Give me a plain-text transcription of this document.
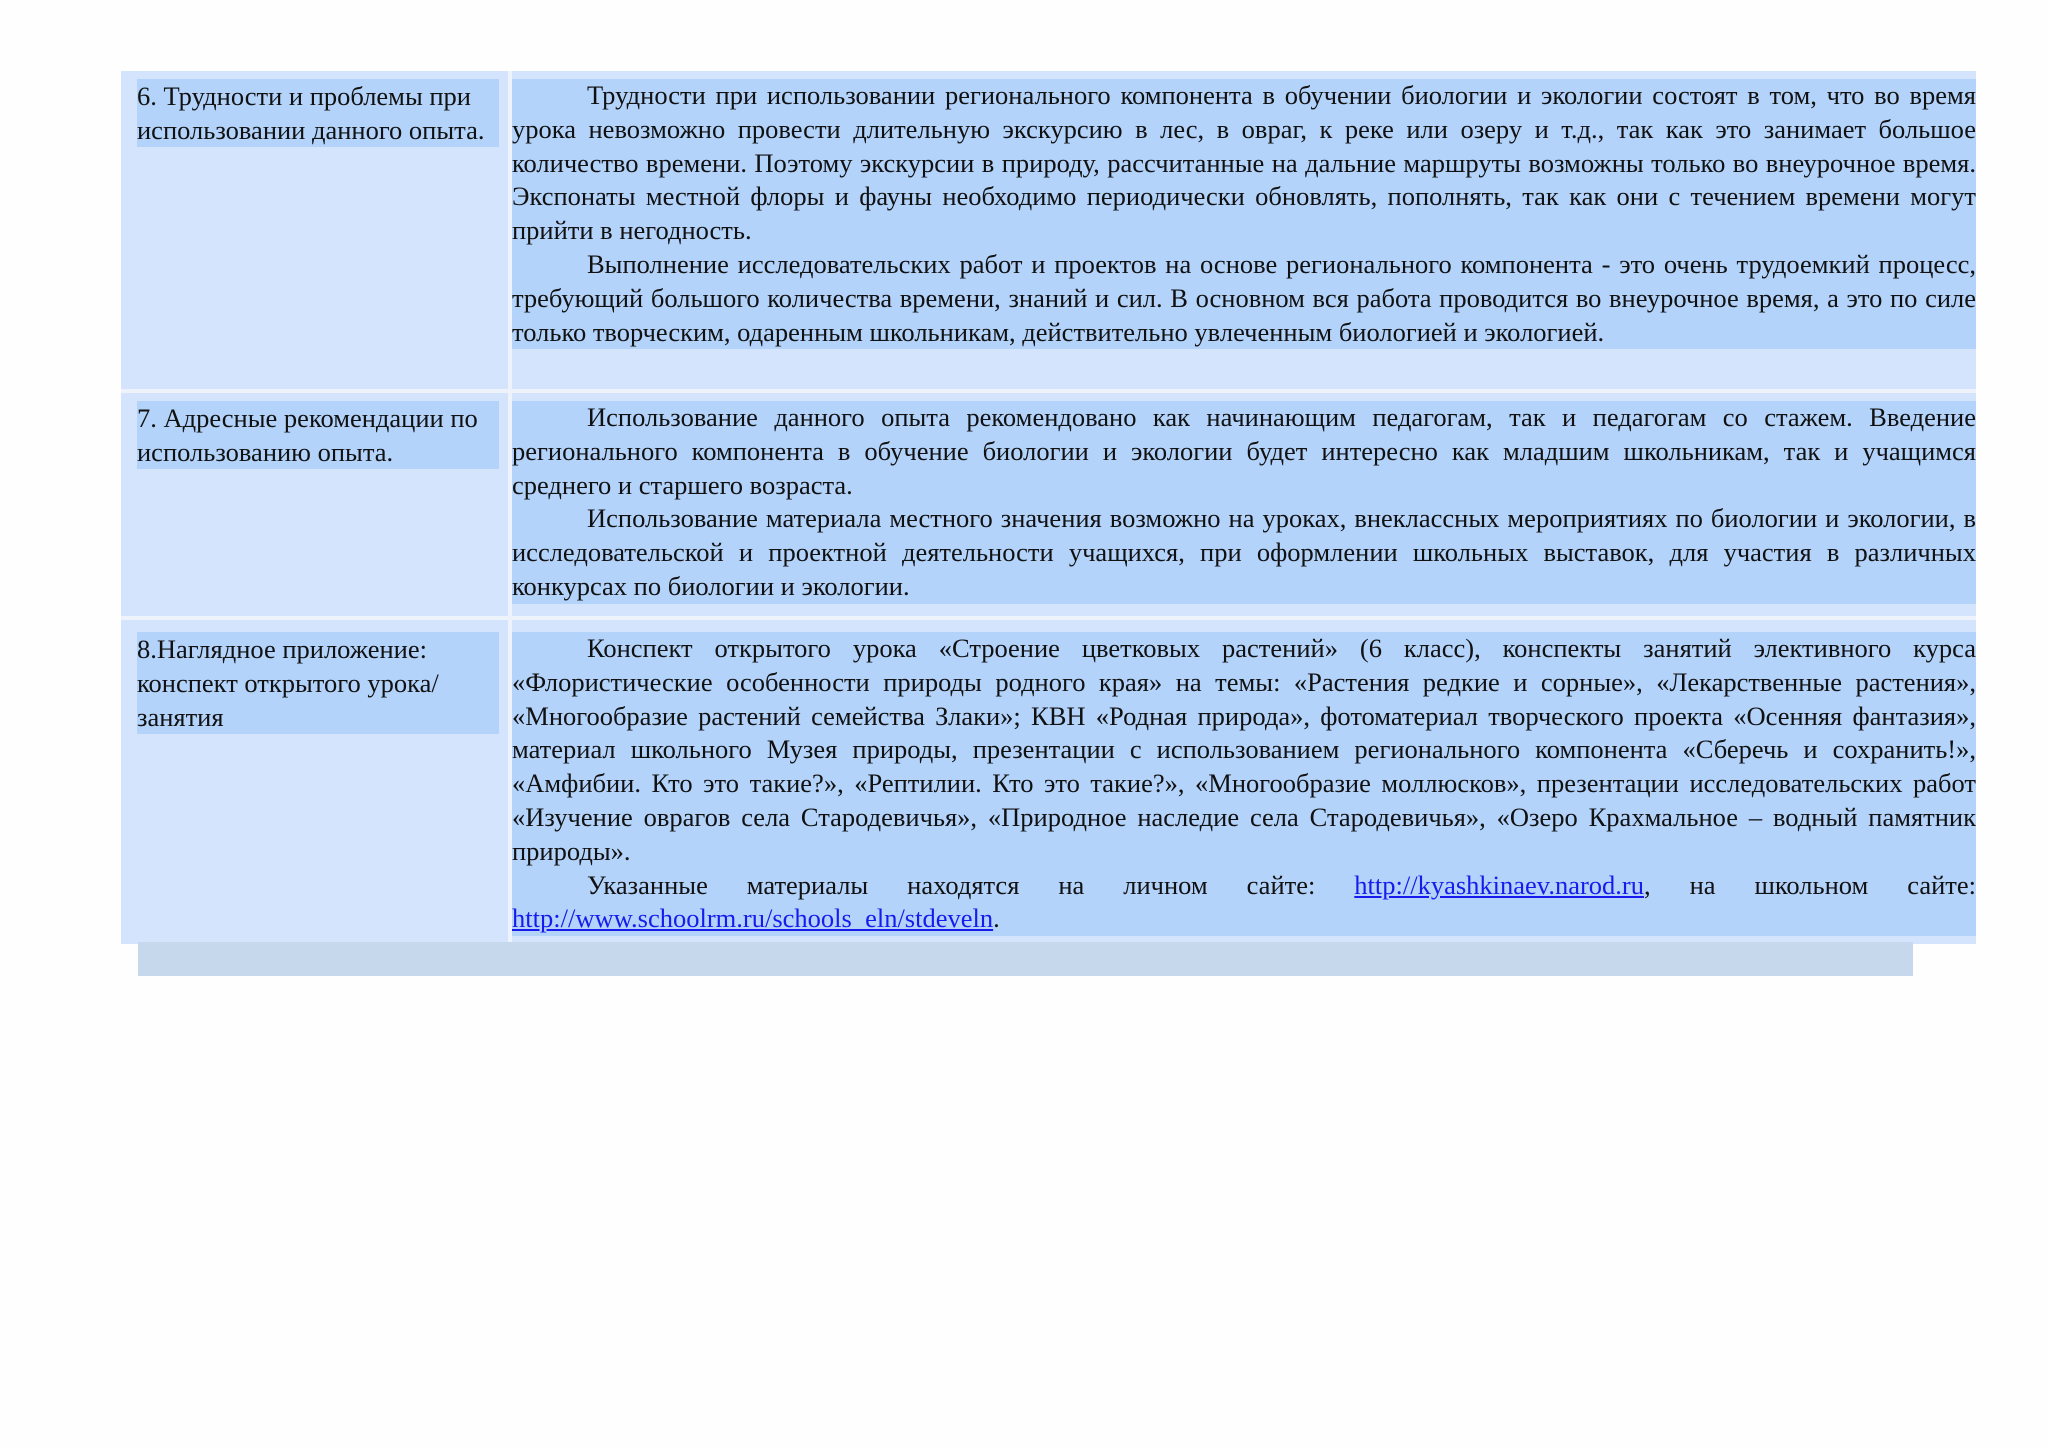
6. Трудности и проблемы при использовании данного опыта.

Трудности при использовании регионального компонента в обучении биологии и экологии состоят в том, что во время урока невозможно провести длительную экскурсию в лес, в овраг, к реке или озеру и т.д., так как это занимает большое количество времени. Поэтому экскурсии в природу, рассчитанные на дальние маршруты возможны только во внеурочное время. Экспонаты местной флоры и фауны необходимо периодически обновлять, пополнять, так как они с течением времени могут прийти в негодность.

Выполнение исследовательских работ и проектов на основе регионального компонента - это очень трудоемкий процесс, требующий большого количества времени, знаний и сил. В основном вся работа проводится во внеурочное время, а это по силе только творческим, одаренным школьникам, действительно увлеченным биологией и экологией.

7. Адресные рекомендации по использованию опыта.

Использование данного опыта рекомендовано как начинающим педагогам, так и педагогам со стажем. Введение регионального компонента в обучение биологии и экологии будет интересно как младшим школьникам, так и учащимся среднего и старшего возраста.

Использование материала местного значения возможно на уроках, внеклассных мероприятиях по биологии и экологии, в исследовательской и проектной деятельности учащихся, при оформлении школьных выставок, для участия в различных конкурсах по биологии и экологии.

8.Наглядное приложение: конспект открытого урока/занятия

Конспект открытого урока «Строение цветковых растений» (6 класс), конспекты занятий элективного курса «Флористические особенности природы родного края» на темы: «Растения редкие и сорные», «Лекарственные растения», «Многообразие растений семейства Злаки»; КВН «Родная природа», фотоматериал творческого проекта «Осенняя фантазия», материал школьного Музея природы, презентации с использованием регионального компонента «Сберечь и сохранить!», «Амфибии. Кто это такие?», «Рептилии. Кто это такие?», «Многообразие моллюсков», презентации исследовательских работ «Изучение оврагов села Стародевичья», «Природное наследие села Стародевичья», «Озеро Крахмальное – водный памятник природы».

Указанные материалы находятся на личном сайте: http://kyashkinaev.narod.ru, на школьном сайте: http://www.schoolrm.ru/schools_eln/stdeveln.
